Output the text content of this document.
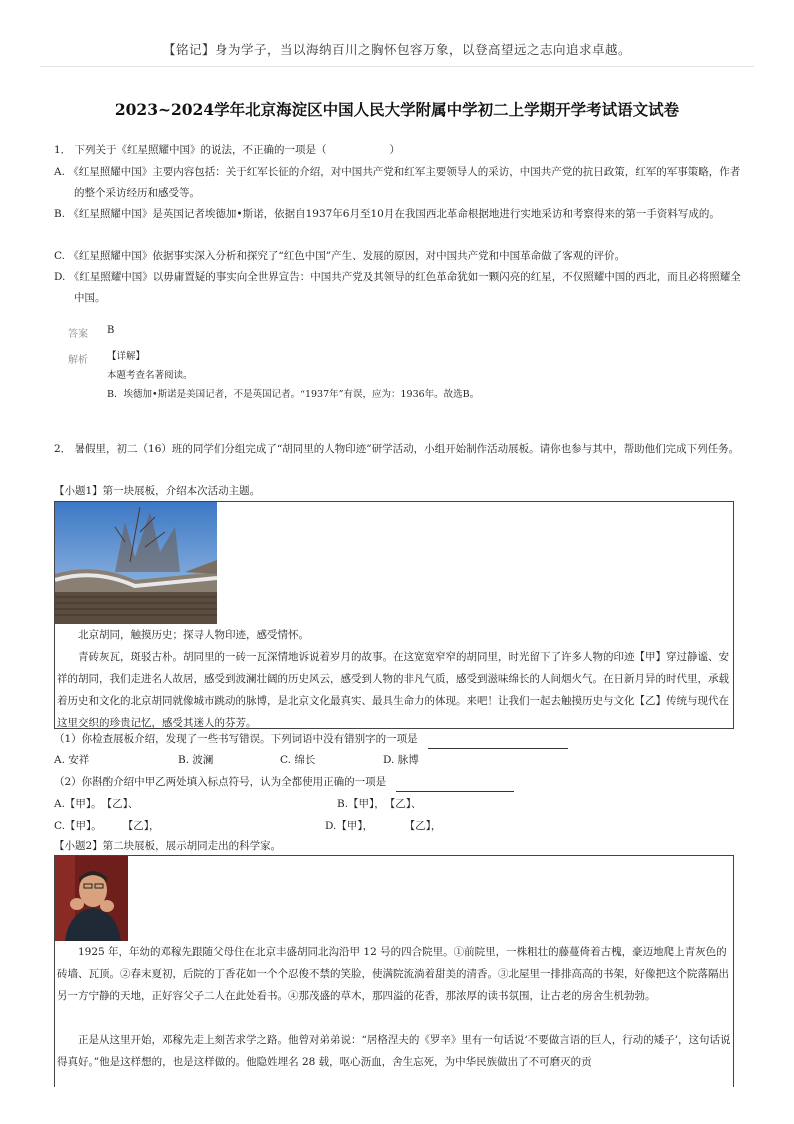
【铭记】身为学子，当以海纳百川之胸怀包容万象，以登高望远之志向追求卓越。
2023~2024学年北京海淀区中国人民大学附属中学初二上学期开学考试语文试卷
1． 下列关于《红星照耀中国》的说法，不正确的一项是（　　　　　　）
A. 《红星照耀中国》主要内容包括：关于红军长征的介绍，对中国共产党和红军主要领导人的采访，中国共产党的抗日政策，红军的军事策略，作者的整个采访经历和感受等。
B. 《红星照耀中国》是英国记者埃德加•斯诺，依据自1937年6月至10月在我国西北革命根据地进行实地采访和考察得来的第一手资料写成的。
C. 《红星照耀中国》依据事实深入分析和探究了“红色中国”产生、发展的原因，对中国共产党和中国革命做了客观的评价。
D. 《红星照耀中国》以毋庸置疑的事实向全世界宣告：中国共产党及其领导的红色革命犹如一颗闪亮的红星，不仅照耀中国的西北，而且必将照耀全中国。
答案 B
解析 【详解】
本题考查名著阅读。
B．埃德加•斯诺是美国记者，不是英国记者。“1937年”有误，应为：1936年。故选B。
2． 暑假里，初二（16）班的同学们分组完成了“胡同里的人物印迹”研学活动，小组开始制作活动展板。请你也参与其中，帮助他们完成下列任务。
【小题1】第一块展板，介绍本次活动主题。
北京胡同，触摸历史；探寻人物印迹，感受情怀。
青砖灰瓦，斑驳古朴。胡同里的一砖一瓦深情地诉说着岁月的故事。在这宽宽窄窄的胡同里，时光留下了许多人物的印迹【甲】穿过静谧、安祥的胡同，我们走进名人故居，感受到波澜壮阔的历史风云，感受到人物的非凡气质，感受到滋味绵长的人间烟火气。在日新月异的时代里，承载着历史和文化的北京胡同就像城市跳动的脉博，是北京文化最真实、最具生命力的体现。来吧！让我们一起去触摸历史与文化【乙】传统与现代在这里交织的珍贵记忆，感受其迷人的芬芳。
（1）你检查展板介绍，发现了一些书写错误。下列词语中没有错别字的一项是
A. 安祥	B. 波澜	C. 绵长	D. 脉博
（2）你斟酌介绍中甲乙两处填入标点符号，认为全都使用正确的一项是
A.【甲】。　【乙】、	B.【甲】，　【乙】、
C.【甲】。　　　【乙】，	D.【甲】，　　　　【乙】，
【小题2】第二块展板，展示胡同走出的科学家。
1925 年，年幼的邓稼先跟随父母住在北京丰盛胡同北沟沿甲 12 号的四合院里。①前院里，一株粗壮的藤蔓倚着古槐，豪迈地爬上青灰色的砖墙、瓦顶。②春末夏初，后院的丁香花如一个个忍俊不禁的笑脸，使满院流淌着甜美的清香。③北屋里一排排高高的书架，好像把这个院落隔出另一方宁静的天地，正好容父子二人在此处看书。④那茂盛的草木，那四溢的花香，那浓厚的读书氛围，让古老的房舍生机勃勃。
正是从这里开始，邓稼先走上刻苦求学之路。他曾对弟弟说：“居格涅夫的《罗辛》里有一句话说‘不要做言语的巨人，行动的矮子’，这句话说得真好。”他是这样想的，也是这样做的。他隐姓埋名 28 载，呕心沥血，舍生忘死，为中华民族做出了不可磨灭的贡
